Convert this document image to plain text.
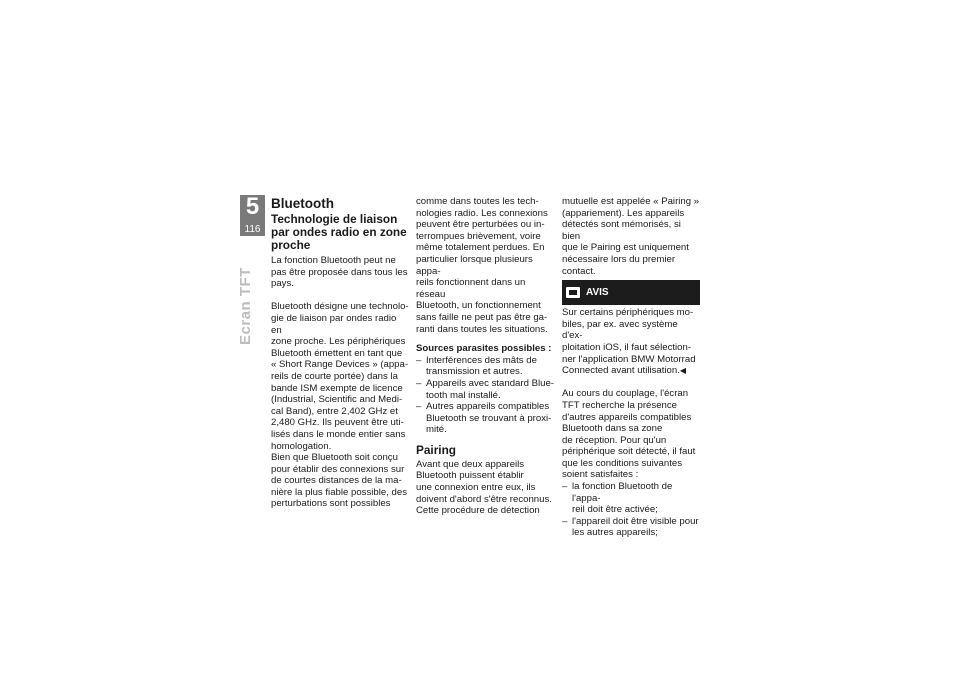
5
116
Ecran TFT
Bluetooth

Technologie de liaison
par ondes radio en zone
proche

La fonction Bluetooth peut ne
pas être proposée dans tous les
pays.

Bluetooth désigne une technolo-
gie de liaison par ondes radio en
zone proche. Les périphériques
Bluetooth émettent en tant que
« Short Range Devices » (appa-
reils de courte portée) dans la
bande ISM exempte de licence
(Industrial, Scientific and Medi-
cal Band), entre 2,402 GHz et
2,480 GHz. Ils peuvent être uti-
lisés dans le monde entier sans
homologation.

Bien que Bluetooth soit conçu
pour établir des connexions sur
de courtes distances de la ma-
nière la plus fiable possible, des
perturbations sont possibles

comme dans toutes les tech-
nologies radio. Les connexions
peuvent être perturbées ou in-
terrompues brièvement, voire
même totalement perdues. En
particulier lorsque plusieurs appa-
reils fonctionnent dans un réseau
Bluetooth, un fonctionnement
sans faille ne peut pas être ga-
ranti dans toutes les situations.

Sources parasites possibles :
– Interférences des mâts de
transmission et autres.
– Appareils avec standard Blue-
tooth mal installé.
– Autres appareils compatibles
Bluetooth se trouvant à proxi-
mité.
Pairing

Avant que deux appareils
Bluetooth puissent établir
une connexion entre eux, ils
doivent d'abord s'être reconnus.
Cette procédure de détection

mutuelle est appelée « Pairing »
(appariement). Les appareils
détectés sont mémorisés, si bien
que le Pairing est uniquement
nécessaire lors du premier
contact.

AVIS

Sur certains périphériques mo-
biles, par ex. avec système d'ex-
ploitation iOS, il faut sélection-
ner l'application BMW Motorrad
Connected avant utilisation.◀

Au cours du couplage, l'écran
TFT recherche la présence
d'autres appareils compatibles
Bluetooth dans sa zone
de réception. Pour qu'un
périphérique soit détecté, il faut
que les conditions suivantes
soient satisfaites :

– la fonction Bluetooth de l'appa-
reil doit être activée;
– l'appareil doit être visible pour
les autres appareils;
